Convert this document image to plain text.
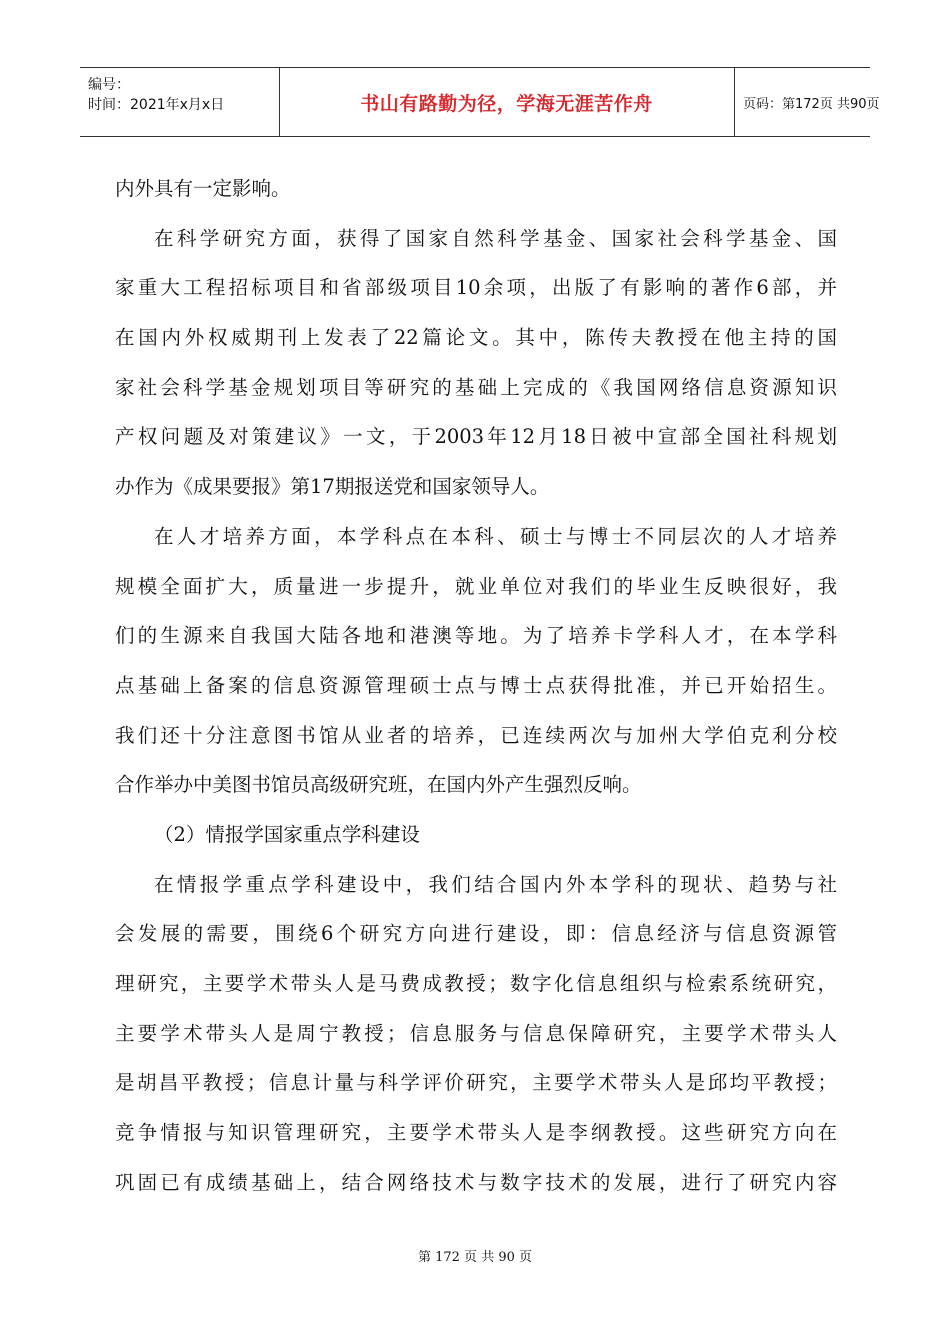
编号：
时间：2021年x月x日	书山有路勤为径，学海无涯苦作舟	页码：第172页 共90页
内外具有一定影响。
在科学研究方面，获得了国家自然科学基金、国家社会科学基金、国
家重大工程招标项目和省部级项目10余项，出版了有影响的著作6部，并
在国内外权威期刊上发表了22篇论文。其中，陈传夫教授在他主持的国
家社会科学基金规划项目等研究的基础上完成的《我国网络信息资源知识
产权问题及对策建议》一文，于2003年12月18日被中宣部全国社科规划
办作为《成果要报》第17期报送党和国家领导人。
在人才培养方面，本学科点在本科、硕士与博士不同层次的人才培养
规模全面扩大，质量进一步提升，就业单位对我们的毕业生反映很好，我
们的生源来自我国大陆各地和港澳等地。为了培养卡学科人才，在本学科
点基础上备案的信息资源管理硕士点与博士点获得批准，并已开始招生。
我们还十分注意图书馆从业者的培养，已连续两次与加州大学伯克利分校
合作举办中美图书馆员高级研究班，在国内外产生强烈反响。
（2）情报学国家重点学科建设
在情报学重点学科建设中，我们结合国内外本学科的现状、趋势与社
会发展的需要，围绕6个研究方向进行建设，即：信息经济与信息资源管
理研究，主要学术带头人是马费成教授；数字化信息组织与检索系统研究，
主要学术带头人是周宁教授；信息服务与信息保障研究，主要学术带头人
是胡昌平教授；信息计量与科学评价研究，主要学术带头人是邱均平教授；
竞争情报与知识管理研究，主要学术带头人是李纲教授。这些研究方向在
巩固已有成绩基础上，结合网络技术与数字技术的发展，进行了研究内容
第 172 页 共 90 页
